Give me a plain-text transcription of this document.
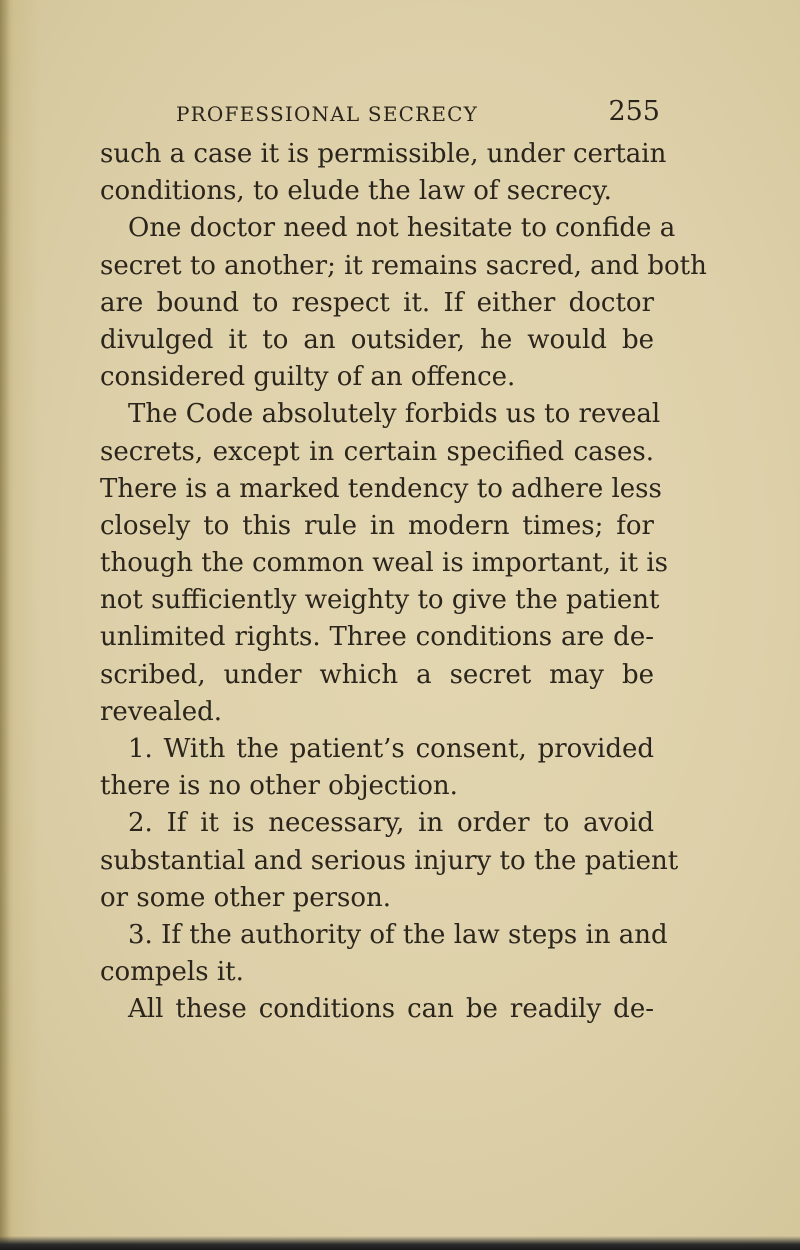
PROFESSIONAL SECRECY	255
such a case it is permissible, under certain
conditions, to elude the law of secrecy.
One doctor need not hesitate to confide a
secret to another; it remains sacred, and both
are bound to respect it. If either doctor
divulged it to an outsider, he would be
considered guilty of an offence.
The Code absolutely forbids us to reveal
secrets, except in certain specified cases.
There is a marked tendency to adhere less
closely to this rule in modern times; for
though the common weal is important, it is
not sufficiently weighty to give the patient
unlimited rights. Three conditions are de-
scribed, under which a secret may be
revealed.
1. With the patient’s consent, provided
there is no other objection.
2. If it is necessary, in order to avoid
substantial and serious injury to the patient
or some other person.
3. If the authority of the law steps in and
compels it.
All these conditions can be readily de-
